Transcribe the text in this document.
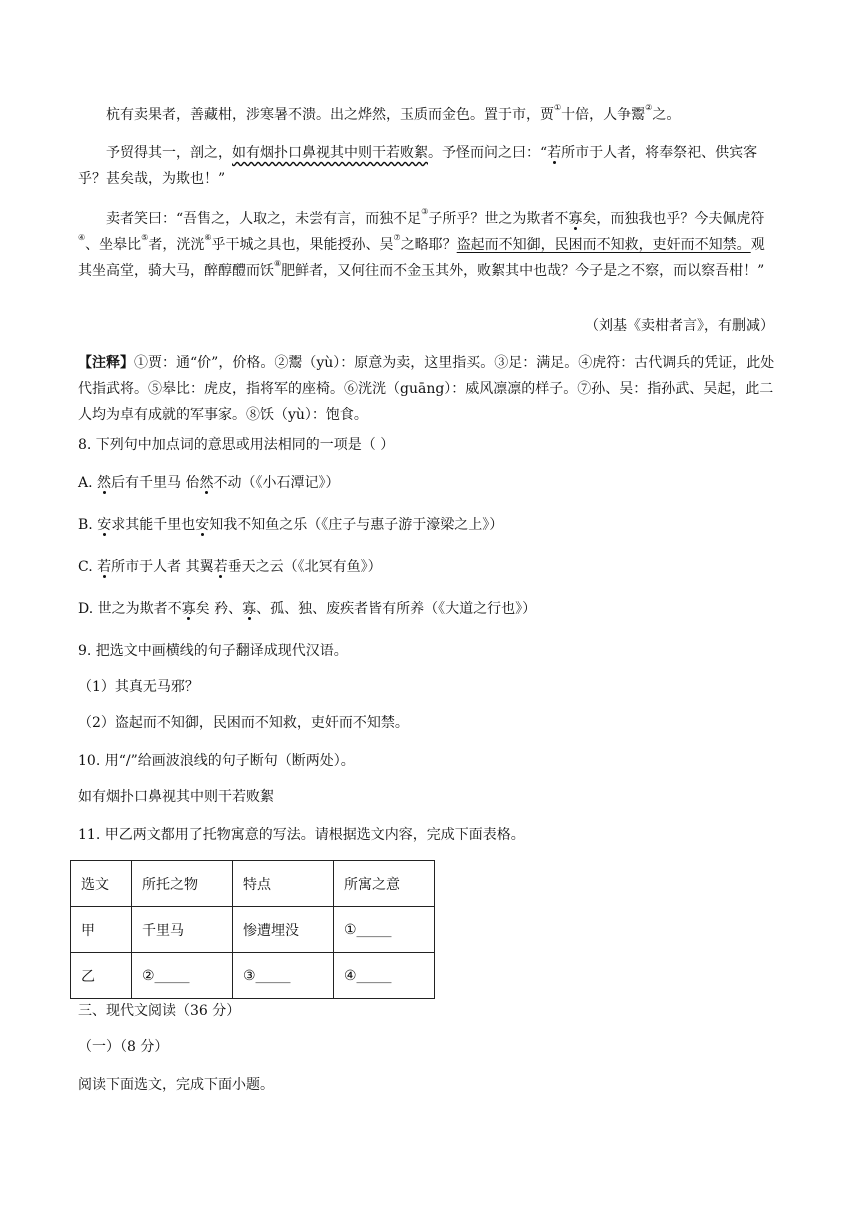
杭有卖果者，善藏柑，涉寒暑不溃。出之烨然，玉质而金色。置于市，贾①十倍，人争鬻②之。

予贸得其一，剖之，如有烟扑口鼻视其中则干若败絮。予怪而问之曰：“若所市于人者，将奉祭祀、供宾客乎？甚矣哉，为欺也！”

卖者笑曰：“吾售之，人取之，未尝有言，而独不足③子所乎？世之为欺者不寡矣，而独我也乎？今夫佩虎符④、坐皋比⑤者，洸洸⑥乎干城之具也，果能授孙、吴⑦之略耶？盗起而不知御，民困而不知救，吏奸而不知禁。观其坐高堂，骑大马，醉醇醴而饫⑧肥鲜者，又何往而不金玉其外，败絮其中也哉？今子是之不察，而以察吾柑！”

（刘基《卖柑者言》，有删减）

【注释】①贾：通“价”，价格。②鬻（yù）：原意为卖，这里指买。③足：满足。④虎符：古代调兵的凭证，此处代指武将。⑤皋比：虎皮，指将军的座椅。⑥洸洸（guāng）：威风凛凛的样子。⑦孙、吴：指孙武、吴起，此二人均为卓有成就的军事家。⑧饫（yù）：饱食。

8. 下列句中加点词的意思或用法相同的一项是（ ）

A. 然后有千里马 佁然不动（《小石潭记》）

B. 安求其能千里也安知我不知鱼之乐（《庄子与惠子游于濠梁之上》）

C. 若所市于人者 其翼若垂天之云（《北冥有鱼》）

D. 世之为欺者不寡矣 矜、寡、孤、独、废疾者皆有所养（《大道之行也》）

9. 把选文中画横线的句子翻译成现代汉语。

（1）其真无马邪？

（2）盗起而不知御，民困而不知救，吏奸而不知禁。

10. 用“/”给画波浪线的句子断句（断两处）。

如有烟扑口鼻视其中则干若败絮

11. 甲乙两文都用了托物寓意的写法。请根据选文内容，完成下面表格。

选文	所托之物	特点	所寓之意
甲	千里马	惨遭埋没	①_____
乙	②_____	③_____	④_____

三、现代文阅读（36 分）

（一）（8 分）

阅读下面选文，完成下面小题。
